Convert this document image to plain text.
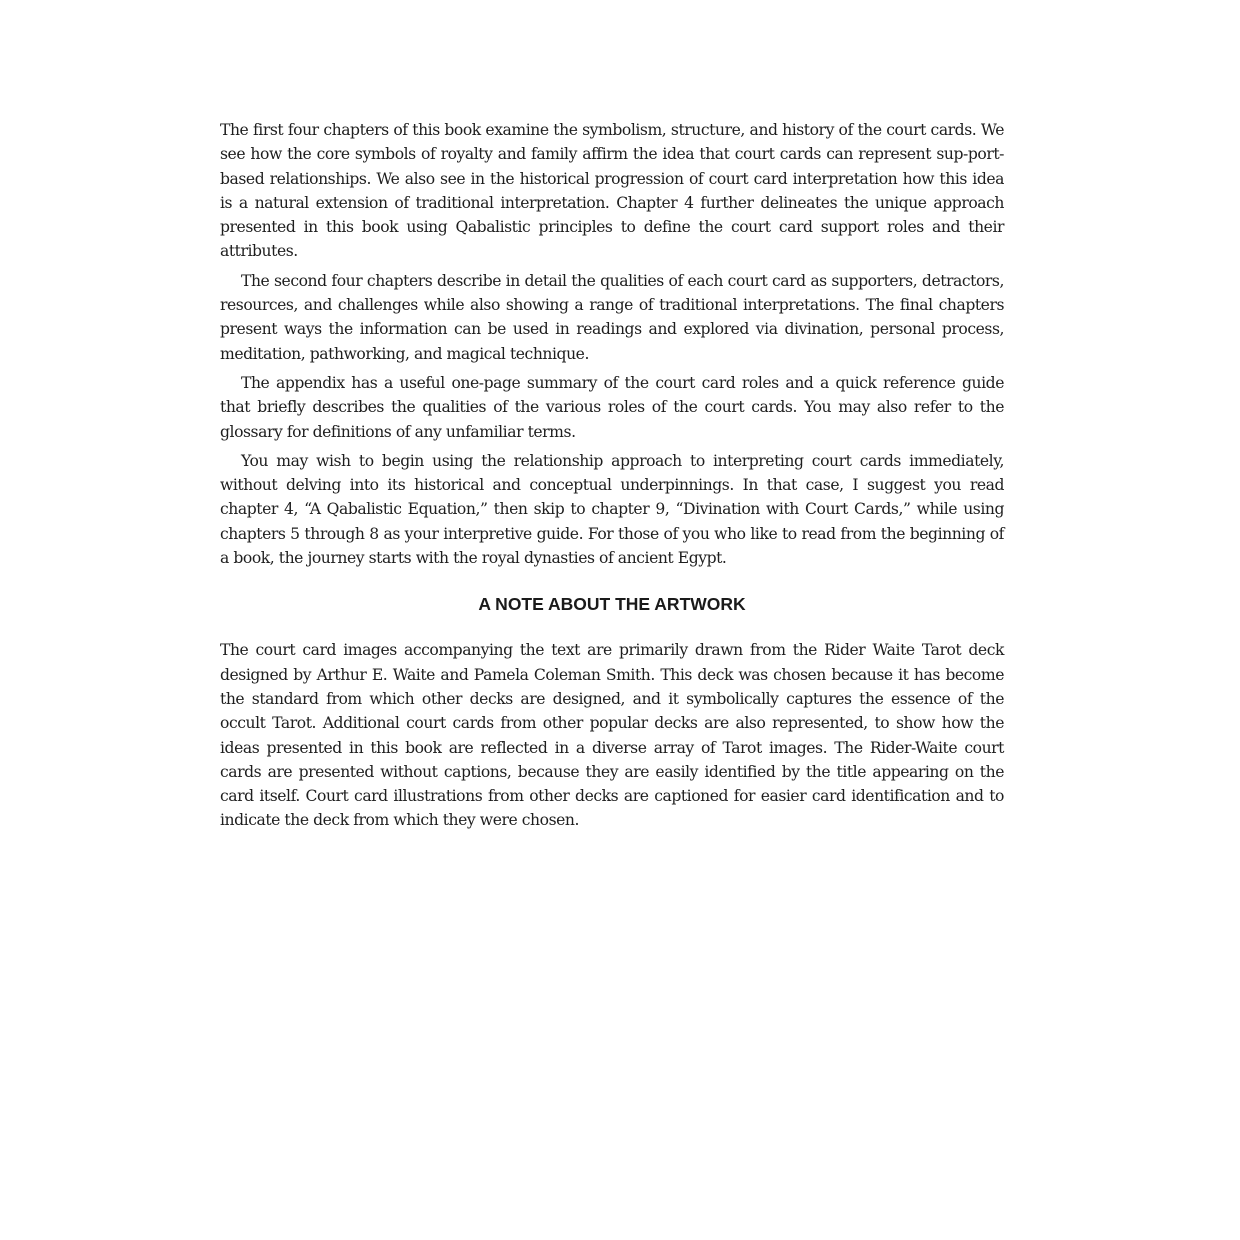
The first four chapters of this book examine the symbolism, structure, and history of the court cards. We see how the core symbols of royalty and family affirm the idea that court cards can represent sup-port-based relationships. We also see in the historical progression of court card interpretation how this idea is a natural extension of traditional interpretation. Chapter 4 further delineates the unique approach presented in this book using Qabalistic principles to define the court card support roles and their attributes.

The second four chapters describe in detail the qualities of each court card as supporters, detractors, resources, and challenges while also showing a range of traditional interpretations. The final chapters present ways the information can be used in readings and explored via divination, personal process, meditation, pathworking, and magical technique.

The appendix has a useful one-page summary of the court card roles and a quick reference guide that briefly describes the qualities of the various roles of the court cards. You may also refer to the glossary for definitions of any unfamiliar terms.

You may wish to begin using the relationship approach to interpreting court cards immediately, without delving into its historical and conceptual underpinnings. In that case, I suggest you read chapter 4, “A Qabalistic Equation,” then skip to chapter 9, “Divination with Court Cards,” while using chapters 5 through 8 as your interpretive guide. For those of you who like to read from the beginning of a book, the journey starts with the royal dynasties of ancient Egypt.

A NOTE ABOUT THE ARTWORK

The court card images accompanying the text are primarily drawn from the Rider Waite Tarot deck designed by Arthur E. Waite and Pamela Coleman Smith. This deck was chosen because it has become the standard from which other decks are designed, and it symbolically captures the essence of the occult Tarot. Additional court cards from other popular decks are also represented, to show how the ideas presented in this book are reflected in a diverse array of Tarot images. The Rider-Waite court cards are presented without captions, because they are easily identified by the title appearing on the card itself. Court card illustrations from other decks are captioned for easier card identification and to indicate the deck from which they were chosen.
